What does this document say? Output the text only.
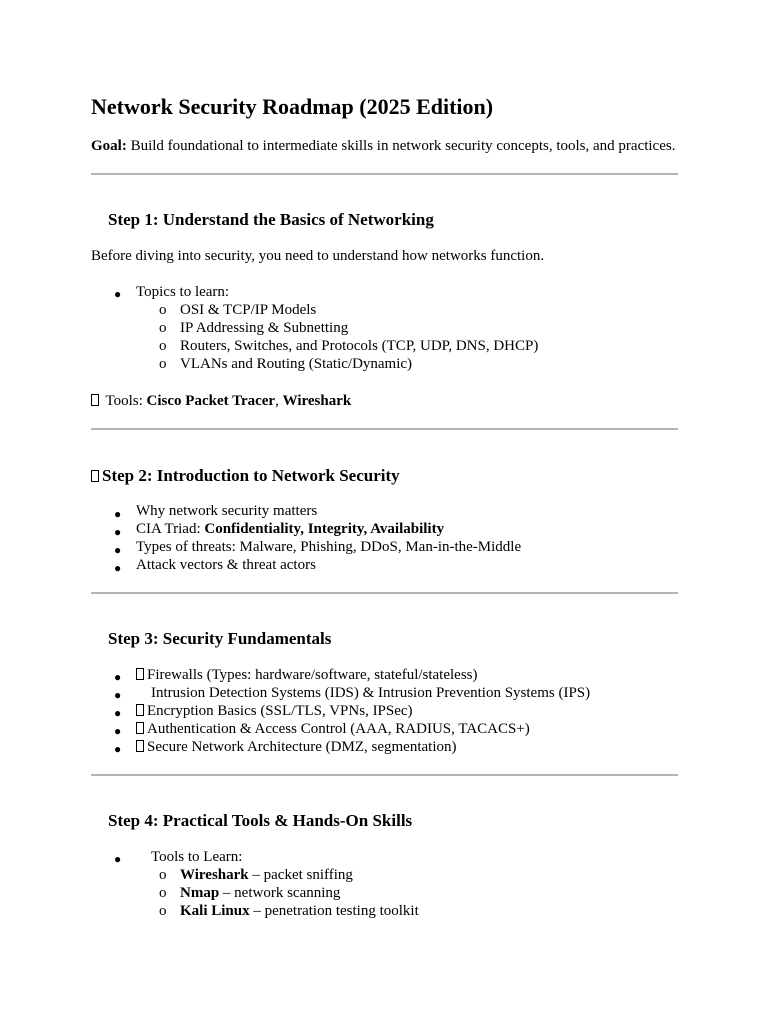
Network Security Roadmap (2025 Edition)

Goal: Build foundational to intermediate skills in network security concepts, tools, and practices.

Step 1: Understand the Basics of Networking

Before diving into security, you need to understand how networks function.

● Topics to learn:
o OSI & TCP/IP Models
o IP Addressing & Subnetting
o Routers, Switches, and Protocols (TCP, UDP, DNS, DHCP)
o VLANs and Routing (Static/Dynamic)

Tools: Cisco Packet Tracer, Wireshark

Step 2: Introduction to Network Security
● Why network security matters
● CIA Triad: Confidentiality, Integrity, Availability
● Types of threats: Malware, Phishing, DDoS, Man-in-the-Middle
● Attack vectors & threat actors
Step 3: Security Fundamentals
●	Firewalls (Types: hardware/software, stateful/stateless)
● Intrusion Detection Systems (IDS) & Intrusion Prevention Systems (IPS)
●	Encryption Basics (SSL/TLS, VPNs, IPSec)
●	Authentication & Access Control (AAA, RADIUS, TACACS+)
●	Secure Network Architecture (DMZ, segmentation)
Step 4: Practical Tools & Hands-On Skills
● Tools to Learn:
o Wireshark – packet sniffing
o Nmap – network scanning
o Kali Linux – penetration testing toolkit
